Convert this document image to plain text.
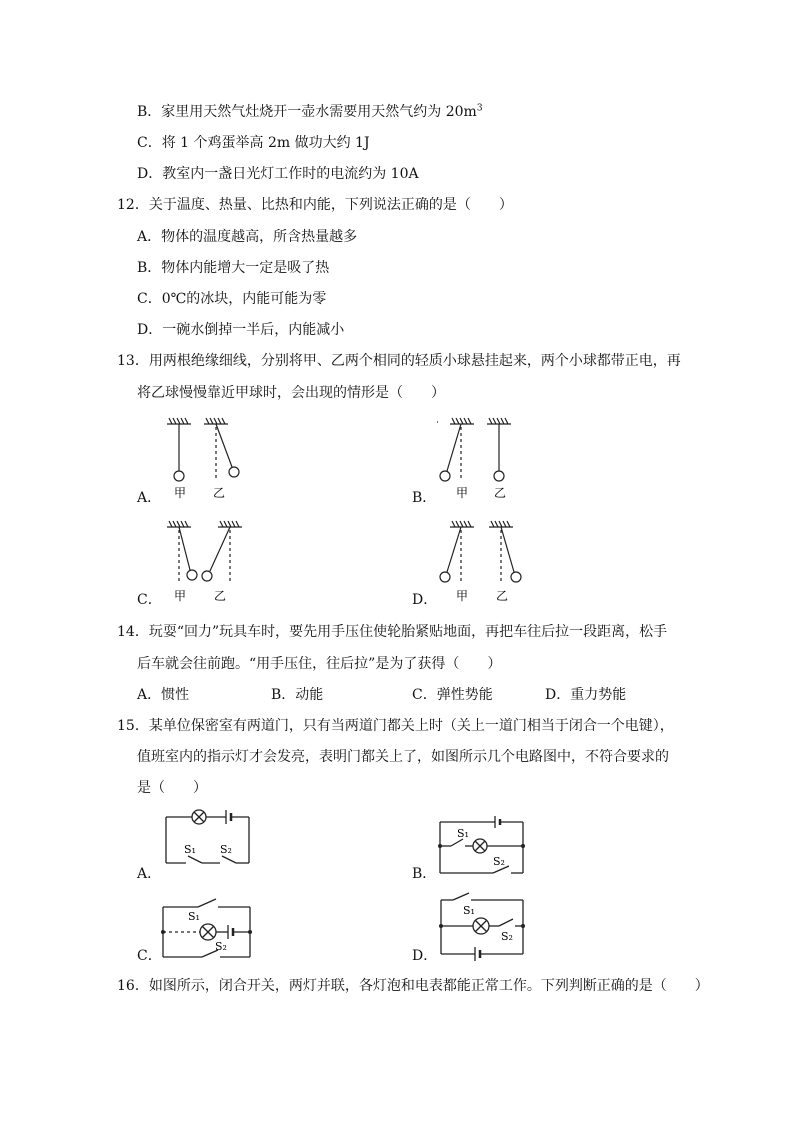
B．家里用天然气灶烧开一壶水需要用天然气约为 $20m^3$
C．将 1 个鸡蛋举高 2m 做功大约 1J
D．教室内一盏日光灯工作时的电流约为 10A
12．关于温度、热量、比热和内能，下列说法正确的是（　　）
A．物体的温度越高，所含热量越多
B．物体内能增大一定是吸了热
C．0℃的冰块，内能可能为零
D．一碗水倒掉一半后，内能减小
13．用两根绝缘细线，分别将甲、乙两个相同的轻质小球悬挂起来，两个小球都带正电，再
将乙球慢慢靠近甲球时，会出现的情形是（　　）
A．	B．
C．	D．
甲 乙	甲 乙
甲 乙	甲 乙
14．玩耍“回力”玩具车时，要先用手压住使轮胎紧贴地面，再把车往后拉一段距离，松手
后车就会往前跑。“用手压住，往后拉”是为了获得（　　）
A．惯性	B．动能	C．弹性势能	D．重力势能
15．某单位保密室有两道门，只有当两道门都关上时（关上一道门相当于闭合一个电键），
值班室内的指示灯才会发亮，表明门都关上了，如图所示几个电路图中，不符合要求的
是（　　）
A．	B．
C．	D．
S₁ S₂
S₁
S₂
S₁
S₂
S₁
S₂
16．如图所示，闭合开关，两灯并联，各灯泡和电表都能正常工作。下列判断正确的是（　　）
